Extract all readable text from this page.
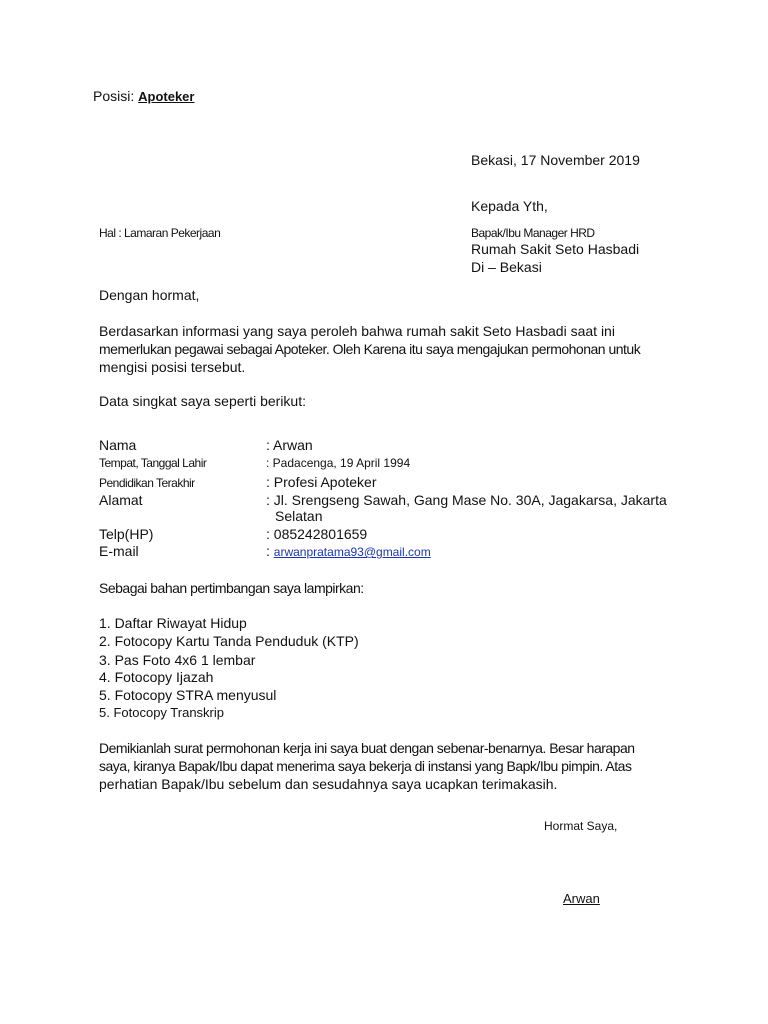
Posisi: Apoteker
Bekasi, 17 November 2019
Kepada Yth,
Hal : Lamaran Pekerjaan	Bapak/Ibu Manager HRD
Rumah Sakit Seto Hasbadi
Di – Bekasi
Dengan hormat,
Berdasarkan informasi yang saya peroleh bahwa rumah sakit Seto Hasbadi saat ini
memerlukan pegawai sebagai Apoteker. Oleh Karena itu saya mengajukan permohonan untuk
mengisi posisi tersebut.
Data singkat saya seperti berikut:
Nama	: Arwan
Tempat, Tanggal Lahir	: Padacenga, 19 April 1994
Pendidikan Terakhir	: Profesi Apoteker
Alamat	: Jl. Srengseng Sawah, Gang Mase No. 30A, Jagakarsa, Jakarta
Selatan
Telp(HP)	: 085242801659
E-mail	: arwanpratama93@gmail.com
Sebagai bahan pertimbangan saya lampirkan:
1. Daftar Riwayat Hidup
2. Fotocopy Kartu Tanda Penduduk (KTP)
3. Pas Foto 4x6 1 lembar
4. Fotocopy Ijazah
5. Fotocopy STRA menyusul
5. Fotocopy Transkrip
Demikianlah surat permohonan kerja ini saya buat dengan sebenar-benarnya. Besar harapan
saya, kiranya Bapak/Ibu dapat menerima saya bekerja di instansi yang Bapk/Ibu pimpin. Atas
perhatian Bapak/Ibu sebelum dan sesudahnya saya ucapkan terimakasih.
Hormat Saya,
Arwan
